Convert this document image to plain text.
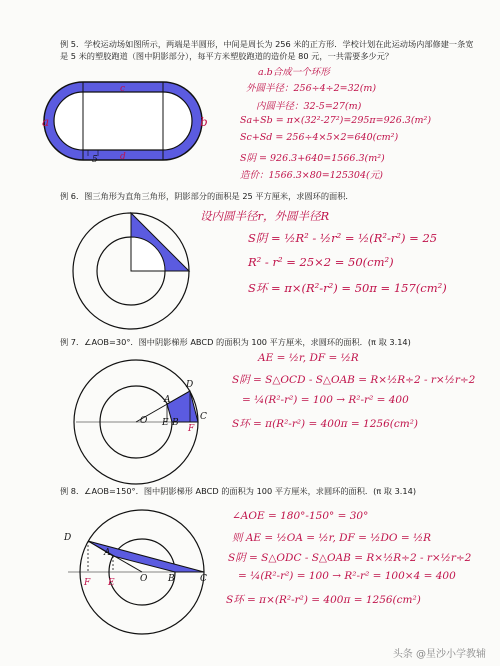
例 5．学校运动场如图所示，两端是半圆形，中间是周长为 256 米的正方形．学校计划在此运动场内部修建一条宽是 5 米的塑胶跑道（图中阴影部分），每平方米塑胶跑道的造价是 80 元，一共需要多少元？
a	b
c
d
5
a.b合成一个环形
外圆半径：256÷4÷2=32(m)
内圆半径：32-5=27(m)
Sa+Sb = π×(32²-27²)=295π=926.3(m²)
Sc+Sd = 256÷4×5×2=640(cm²)
S阴 = 926.3+640=1566.3(m²)
造价：1566.3×80=125304(元)
例 6．图三角形为直角三角形，阴影部分的面积是 25 平方厘米，求圆环的面积．
设内圆半径r，外圆半径R
S阴 = ½R² - ½r² = ½(R²-r²) = 25
R² - r² = 25×2 = 50(cm²)
S环 = π×(R²-r²) = 50π = 157(cm²)
例 7．∠AOB=30°．图中阴影梯形 ABCD 的面积为 100 平方厘米，求圆环的面积．(π 取 3.14)
O
A
D
E B
C
F
AE = ½r, DF = ½R
S阴 = S△OCD - S△OAB = R×½R÷2 - r×½r÷2
= ¼(R²-r²) = 100 → R²-r² = 400
S环 = π(R²-r²) = 400π = 1256(cm²)
例 8．∠AOB=150°．图中阴影梯形 ABCD 的面积为 100 平方厘米，求圆环的面积．(π 取 3.14)
D
A
O B	C
F E
∠AOE = 180°-150° = 30°
则 AE = ½OA = ½r, DF = ½DO = ½R
S阴 = S△ODC - S△OAB = R×½R÷2 - r×½r÷2
= ¼(R²-r²) = 100 → R²-r² = 100×4 = 400
S环 = π×(R²-r²) = 400π = 1256(cm²)
头条 @星沙小学教辅
